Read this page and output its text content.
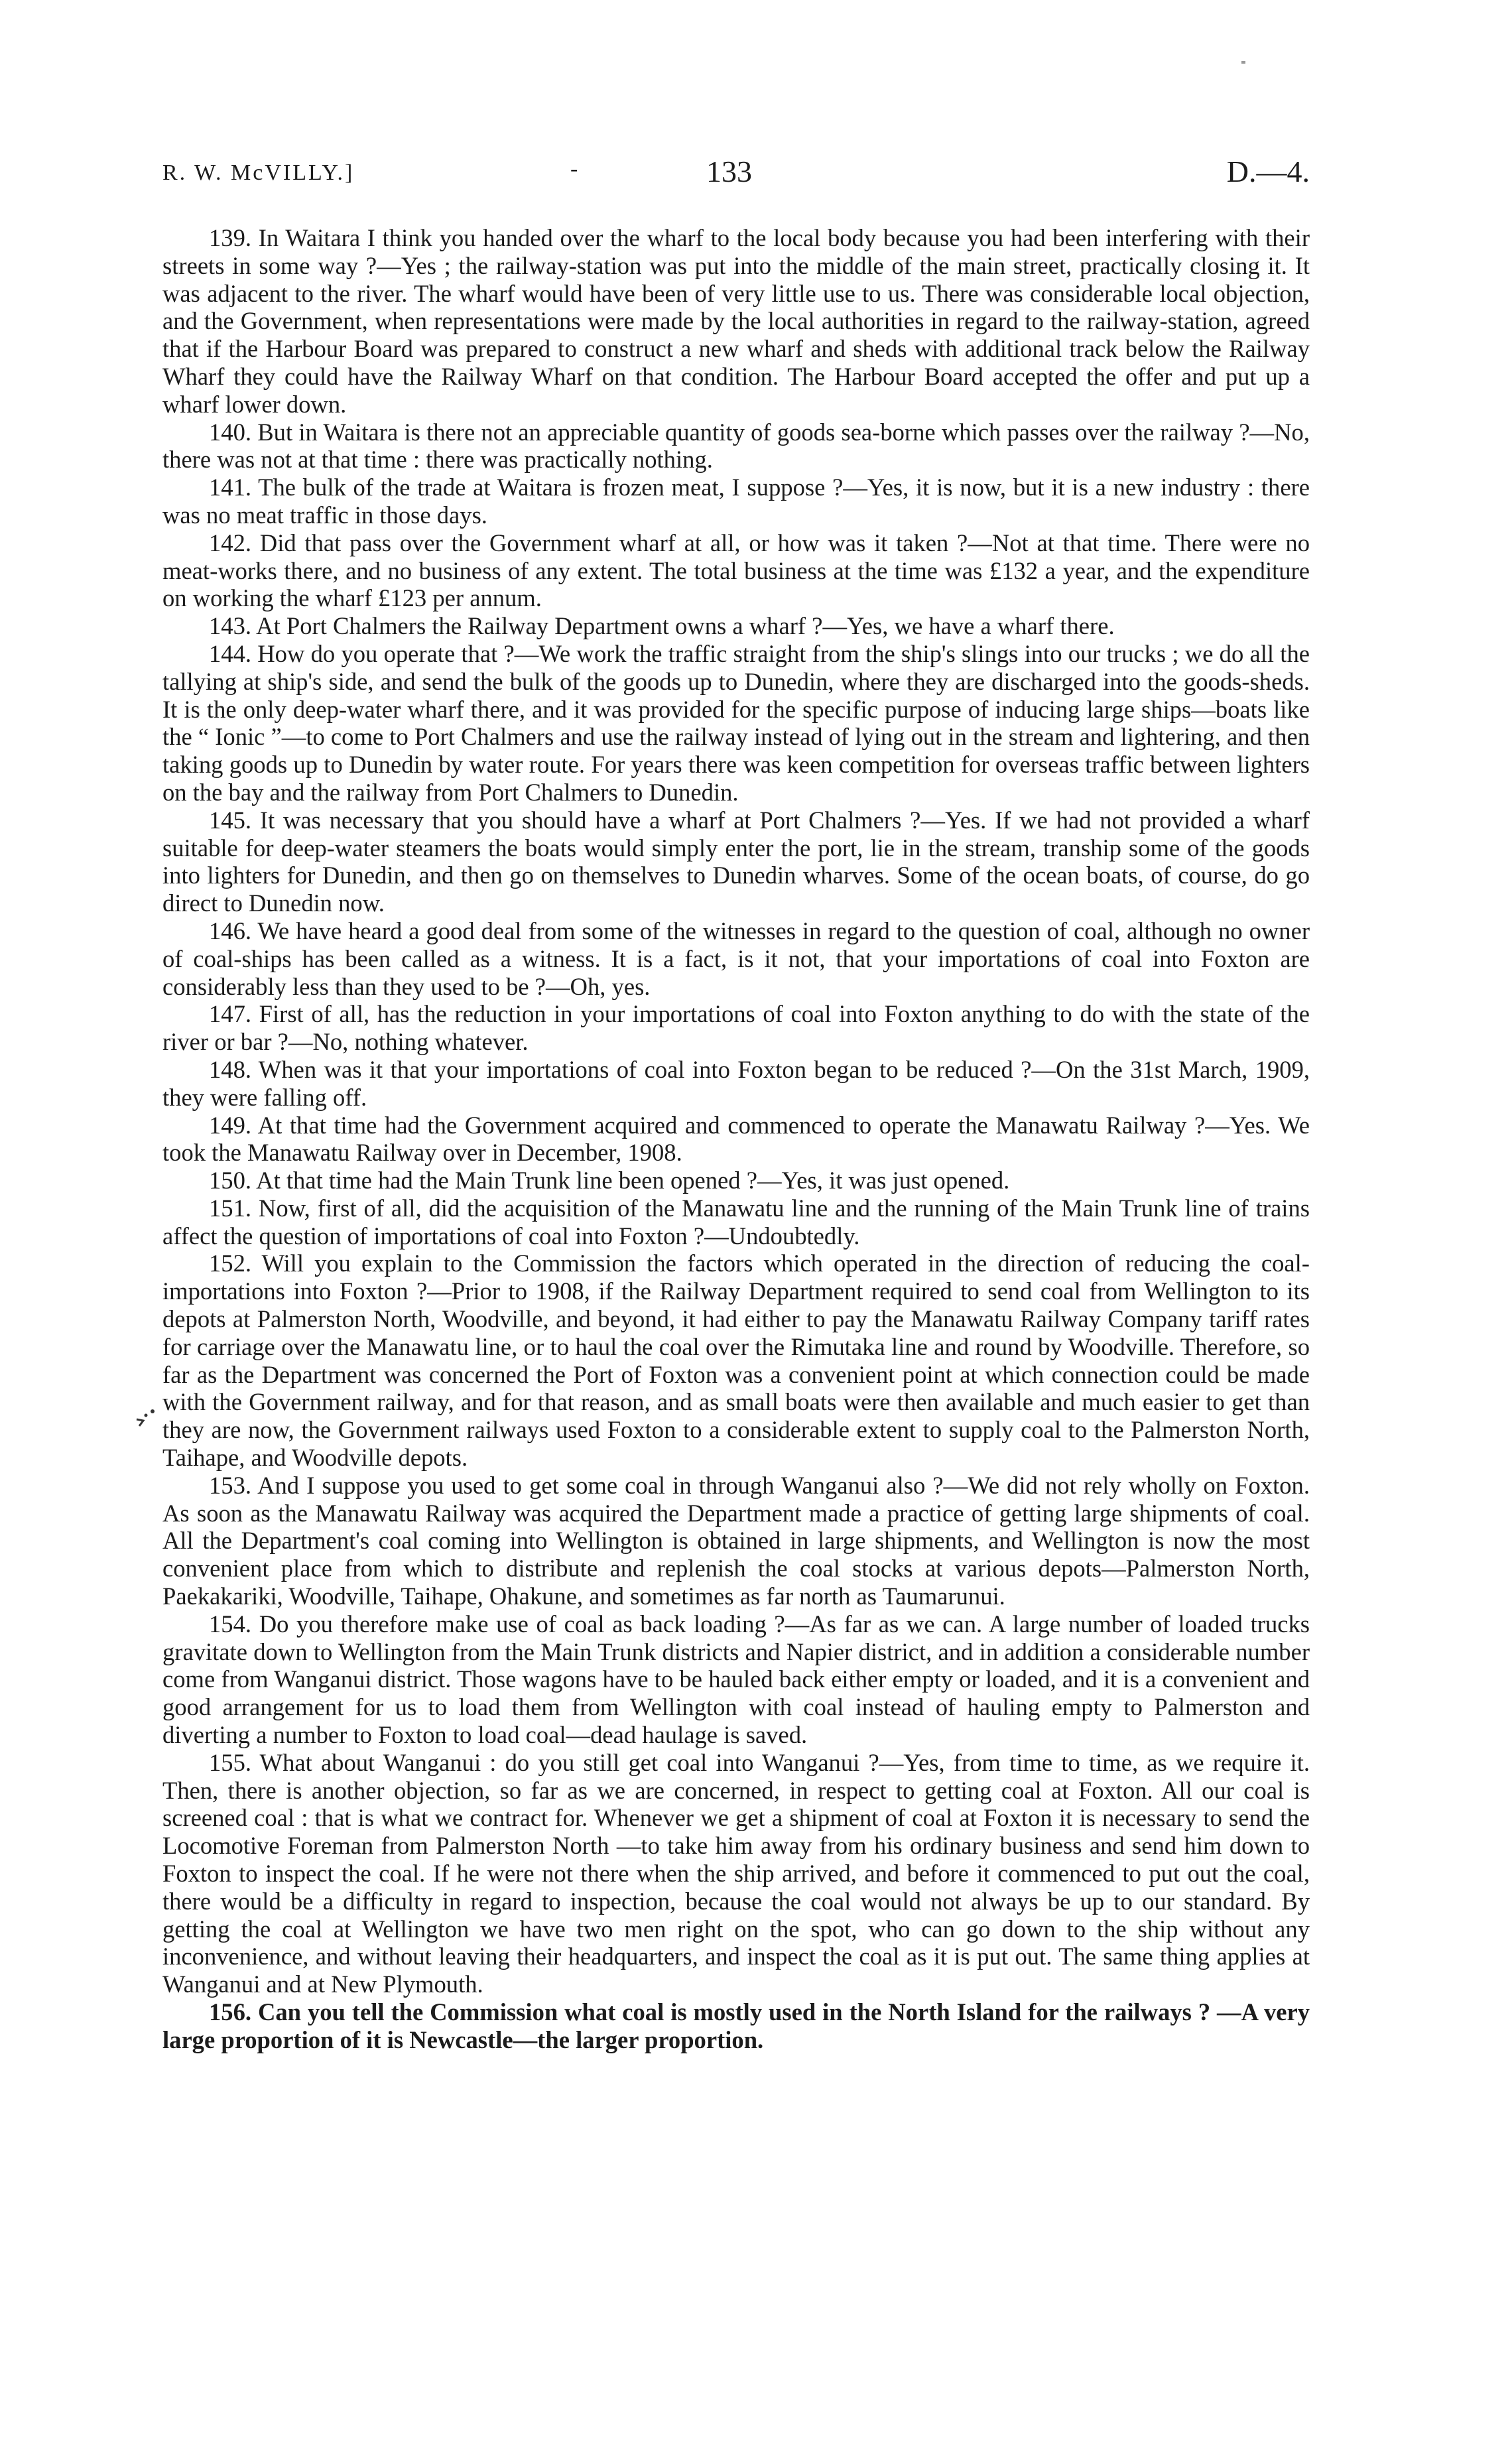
R. W. McVILLY.]	-	133	D.—4.

139. In Waitara I think you handed over the wharf to the local body because you had been interfering with their streets in some way ?—Yes ; the railway-station was put into the middle of the main street, practically closing it. It was adjacent to the river. The wharf would have been of very little use to us. There was considerable local objection, and the Government, when representations were made by the local authorities in regard to the railway-station, agreed that if the Harbour Board was prepared to construct a new wharf and sheds with additional track below the Railway Wharf they could have the Railway Wharf on that condition. The Harbour Board accepted the offer and put up a wharf lower down.

140. But in Waitara is there not an appreciable quantity of goods sea-borne which passes over the railway ?—No, there was not at that time : there was practically nothing.

141. The bulk of the trade at Waitara is frozen meat, I suppose ?—Yes, it is now, but it is a new industry : there was no meat traffic in those days.

142. Did that pass over the Government wharf at all, or how was it taken ?—Not at that time. There were no meat-works there, and no business of any extent. The total business at the time was £132 a year, and the expenditure on working the wharf £123 per annum.

143. At Port Chalmers the Railway Department owns a wharf ?—Yes, we have a wharf there.

144. How do you operate that ?—We work the traffic straight from the ship's slings into our trucks ; we do all the tallying at ship's side, and send the bulk of the goods up to Dunedin, where they are discharged into the goods-sheds. It is the only deep-water wharf there, and it was provided for the specific purpose of inducing large ships—boats like the “ Ionic ”—to come to Port Chalmers and use the railway instead of lying out in the stream and lightering, and then taking goods up to Dunedin by water route. For years there was keen competition for overseas traffic between lighters on the bay and the railway from Port Chalmers to Dunedin.

145. It was necessary that you should have a wharf at Port Chalmers ?—Yes. If we had not provided a wharf suitable for deep-water steamers the boats would simply enter the port, lie in the stream, tranship some of the goods into lighters for Dunedin, and then go on themselves to Dunedin wharves. Some of the ocean boats, of course, do go direct to Dunedin now.

146. We have heard a good deal from some of the witnesses in regard to the question of coal, although no owner of coal-ships has been called as a witness. It is a fact, is it not, that your importations of coal into Foxton are considerably less than they used to be ?—Oh, yes.

147. First of all, has the reduction in your importations of coal into Foxton anything to do with the state of the river or bar ?—No, nothing whatever.

148. When was it that your importations of coal into Foxton began to be reduced ?—On the 31st March, 1909, they were falling off.

149. At that time had the Government acquired and commenced to operate the Manawatu Railway ?—Yes. We took the Manawatu Railway over in December, 1908.

150. At that time had the Main Trunk line been opened ?—Yes, it was just opened.

151. Now, first of all, did the acquisition of the Manawatu line and the running of the Main Trunk line of trains affect the question of importations of coal into Foxton ?—Undoubtedly.

152. Will you explain to the Commission the factors which operated in the direction of reducing the coal-importations into Foxton ?—Prior to 1908, if the Railway Department required to send coal from Wellington to its depots at Palmerston North, Woodville, and beyond, it had either to pay the Manawatu Railway Company tariff rates for carriage over the Manawatu line, or to haul the coal over the Rimutaka line and round by Woodville. Therefore, so far as the Department was concerned the Port of Foxton was a convenient point at which connection could be made with the Government railway, and for that reason, and as small boats were then available and much easier to get than they are now, the Government railways used Foxton to a considerable extent to supply coal to the Palmerston North, Taihape, and Woodville depots.

153. And I suppose you used to get some coal in through Wanganui also ?—We did not rely wholly on Foxton. As soon as the Manawatu Railway was acquired the Department made a practice of getting large shipments of coal. All the Department's coal coming into Wellington is obtained in large shipments, and Wellington is now the most convenient place from which to distribute and replenish the coal stocks at various depots—Palmerston North, Paekakariki, Woodville, Taihape, Ohakune, and sometimes as far north as Taumarunui.

154. Do you therefore make use of coal as back loading ?—As far as we can. A large number of loaded trucks gravitate down to Wellington from the Main Trunk districts and Napier district, and in addition a considerable number come from Wanganui district. Those wagons have to be hauled back either empty or loaded, and it is a convenient and good arrangement for us to load them from Wellington with coal instead of hauling empty to Palmerston and diverting a number to Foxton to load coal—dead haulage is saved.

155. What about Wanganui : do you still get coal into Wanganui ?—Yes, from time to time, as we require it. Then, there is another objection, so far as we are concerned, in respect to getting coal at Foxton. All our coal is screened coal : that is what we contract for. Whenever we get a shipment of coal at Foxton it is necessary to send the Locomotive Foreman from Palmerston North —to take him away from his ordinary business and send him down to Foxton to inspect the coal. If he were not there when the ship arrived, and before it commenced to put out the coal, there would be a difficulty in regard to inspection, because the coal would not always be up to our standard. By getting the coal at Wellington we have two men right on the spot, who can go down to the ship without any inconvenience, and without leaving their headquarters, and inspect the coal as it is put out. The same thing applies at Wanganui and at New Plymouth.

156. Can you tell the Commission what coal is mostly used in the North Island for the railways ? —A very large proportion of it is Newcastle—the larger proportion.
